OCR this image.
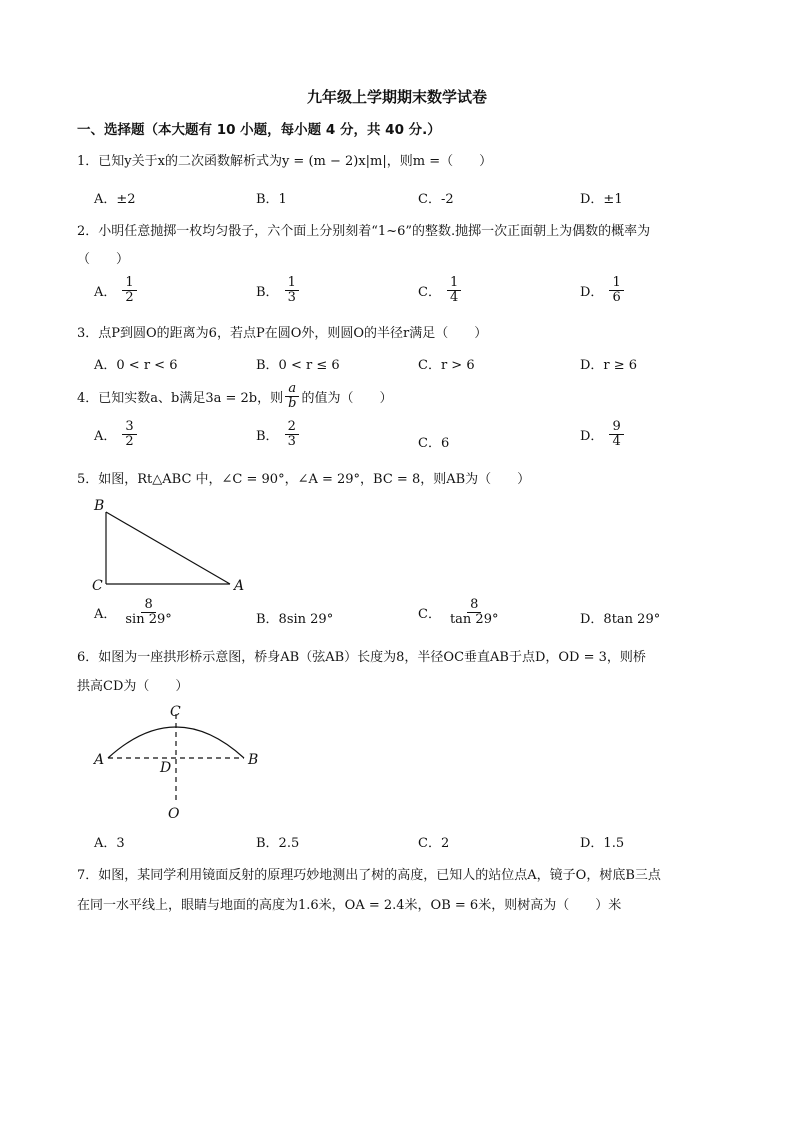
九年级上学期期末数学试卷
一、选择题（本大题有 10 小题，每小题 4 分，共 40 分.）
1．已知y关于x的二次函数解析式为y = (m − 2)x|m|，则m =（　　）
A．±2	B．1	C．-2	D．±1
2．小明任意抛掷一枚均匀骰子，六个面上分别刻着“1~6”的整数.抛掷一次正面朝上为偶数的概率为
（　　）
A． $\frac{1}{2}$	B． $\frac{1}{3}$	C． $\frac{1}{4}$	D． $\frac{1}{6}$
3．点P到圆O的距离为6，若点P在圆O外，则圆O的半径r满足（　　）
A．0 < r < 6	B．0 < r ≤ 6	C．r > 6	D．r ≥ 6
4．已知实数a、b满足3a = 2b，则 $\frac{a}{b}$ 的值为（　　）
A． $\frac{3}{2}$	B． $\frac{2}{3}$	C．6	D． $\frac{9}{4}$
5．如图，Rt△ABC 中，∠C = 90°，∠A = 29°，BC = 8，则AB为（　　）
B
C	A
A． $\frac{8}{\sin 29^\circ}$	B．8sin 29°	C． $\frac{8}{\tan 29^\circ}$	D．8tan 29°
6．如图为一座拱形桥示意图，桥身AB（弦AB）长度为8，半径OC垂直AB于点D，OD = 3，则桥
拱高CD为（　　）
A	B
C
D
O
A．3	B．2.5	C．2	D．1.5
7．如图，某同学利用镜面反射的原理巧妙地测出了树的高度，已知人的站位点A，镜子O，树底B三点
在同一水平线上，眼睛与地面的高度为1.6米，OA = 2.4米，OB = 6米，则树高为（　　）米
